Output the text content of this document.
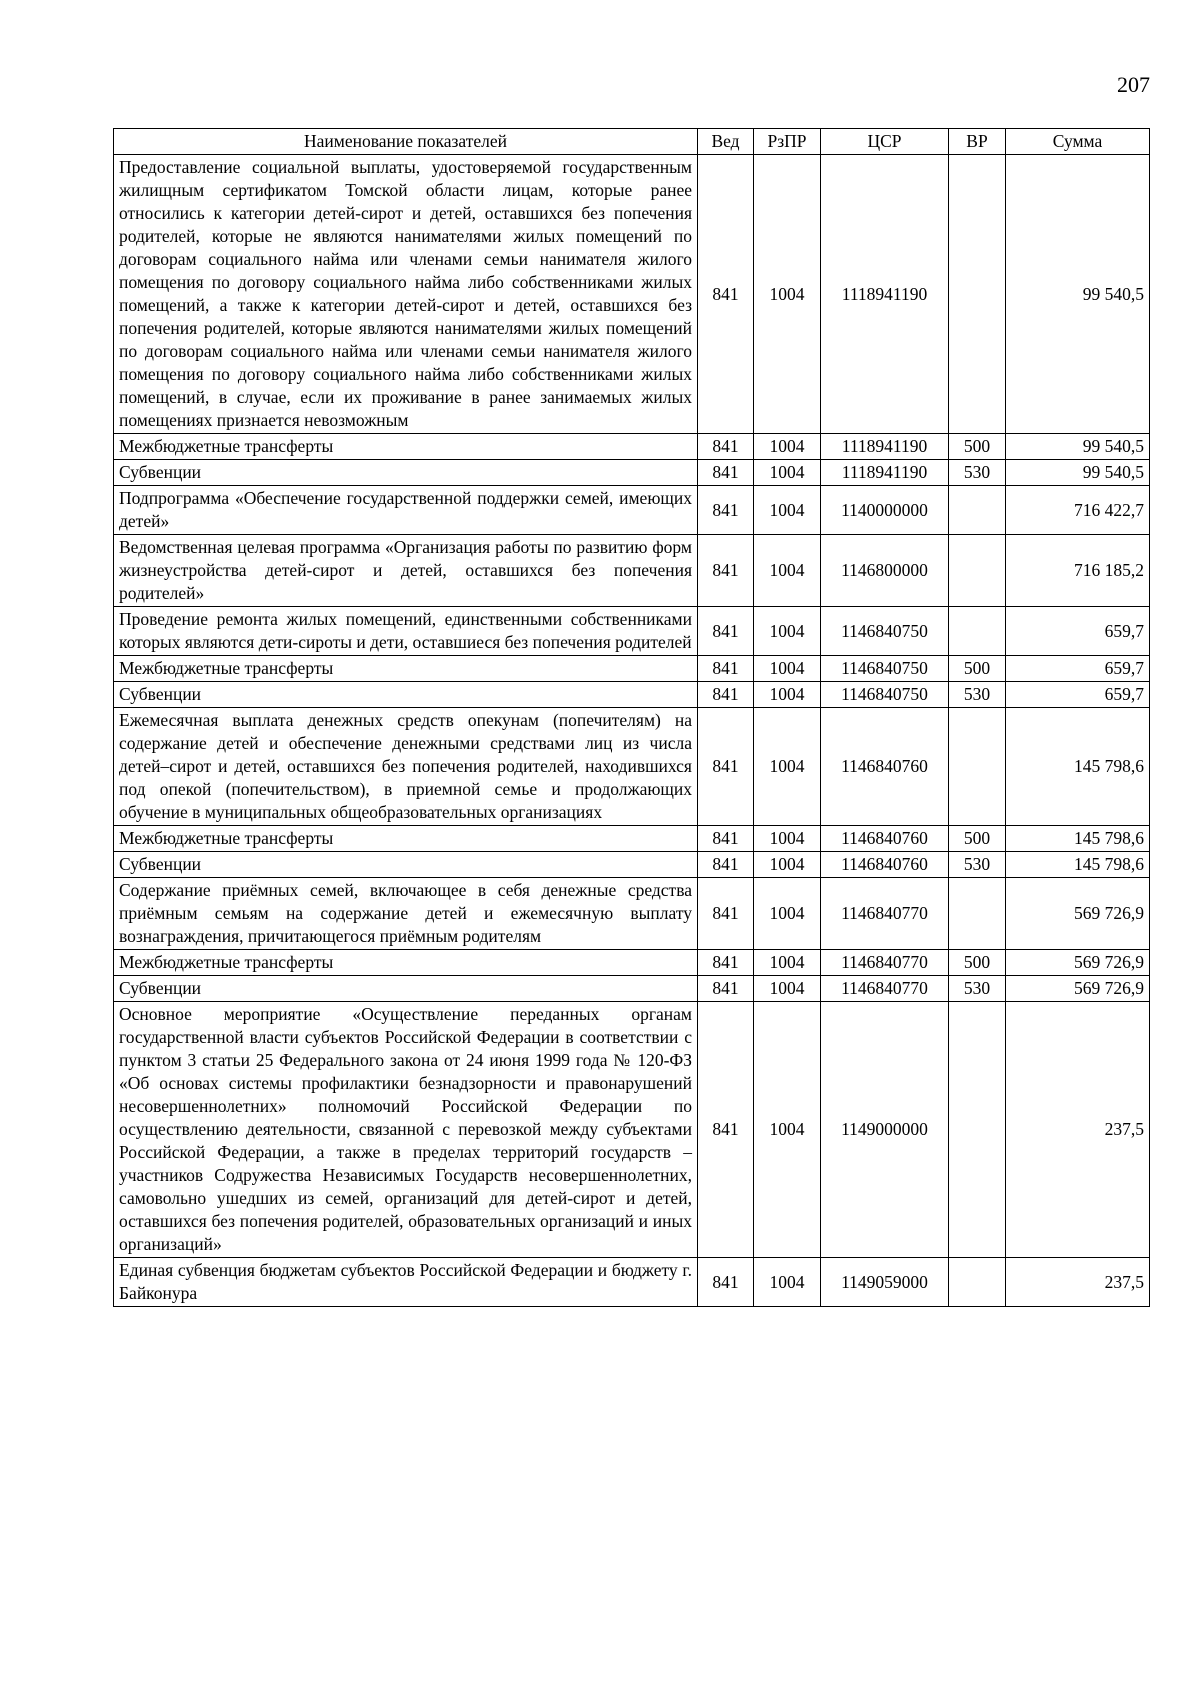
207
Наименование показателей	Вед	РзПР	ЦСР	ВР	Сумма
Предоставление социальной выплаты, удостоверяемой государственным жилищным сертификатом Томской области лицам, которые ранее относились к категории детей-сирот и детей, оставшихся без попечения родителей, которые не являются нанимателями жилых помещений по договорам социального найма или членами семьи нанимателя жилого помещения по договору социального найма либо собственниками жилых помещений, а также к категории детей-сирот и детей, оставшихся без попечения родителей, которые являются нанимателями жилых помещений по договорам социального найма или членами семьи нанимателя жилого помещения по договору социального найма либо собственниками жилых помещений, в случае, если их проживание в ранее занимаемых жилых помещениях признается невозможным	841	1004	1118941190		99 540,5
Межбюджетные трансферты	841	1004	1118941190	500	99 540,5
Субвенции	841	1004	1118941190	530	99 540,5
Подпрограмма «Обеспечение государственной поддержки семей, имеющих детей»	841	1004	1140000000		716 422,7
Ведомственная целевая программа «Организация работы по развитию форм жизнеустройства детей-сирот и детей, оставшихся без попечения родителей»	841	1004	1146800000		716 185,2
Проведение ремонта жилых помещений, единственными собственниками которых являются дети-сироты и дети, оставшиеся без попечения родителей	841	1004	1146840750		659,7
Межбюджетные трансферты	841	1004	1146840750	500	659,7
Субвенции	841	1004	1146840750	530	659,7
Ежемесячная выплата денежных средств опекунам (попечителям) на содержание детей и обеспечение денежными средствами лиц из числа детей–сирот и детей, оставшихся без попечения родителей, находившихся под опекой (попечительством), в приемной семье и продолжающих обучение в муниципальных общеобразовательных организациях	841	1004	1146840760		145 798,6
Межбюджетные трансферты	841	1004	1146840760	500	145 798,6
Субвенции	841	1004	1146840760	530	145 798,6
Содержание приёмных семей, включающее в себя денежные средства приёмным семьям на содержание детей и ежемесячную выплату вознаграждения, причитающегося приёмным родителям	841	1004	1146840770		569 726,9
Межбюджетные трансферты	841	1004	1146840770	500	569 726,9
Субвенции	841	1004	1146840770	530	569 726,9
Основное мероприятие «Осуществление переданных органам государственной власти субъектов Российской Федерации в соответствии с пунктом 3 статьи 25 Федерального закона от 24 июня 1999 года № 120-ФЗ «Об основах системы профилактики безнадзорности и правонарушений несовершеннолетних» полномочий Российской Федерации по осуществлению деятельности, связанной с перевозкой между субъектами Российской Федерации, а также в пределах территорий государств – участников Содружества Независимых Государств несовершеннолетних, самовольно ушедших из семей, организаций для детей-сирот и детей, оставшихся без попечения родителей, образовательных организаций и иных организаций»	841	1004	1149000000		237,5
Единая субвенция бюджетам субъектов Российской Федерации и бюджету г. Байконура	841	1004	1149059000		237,5
